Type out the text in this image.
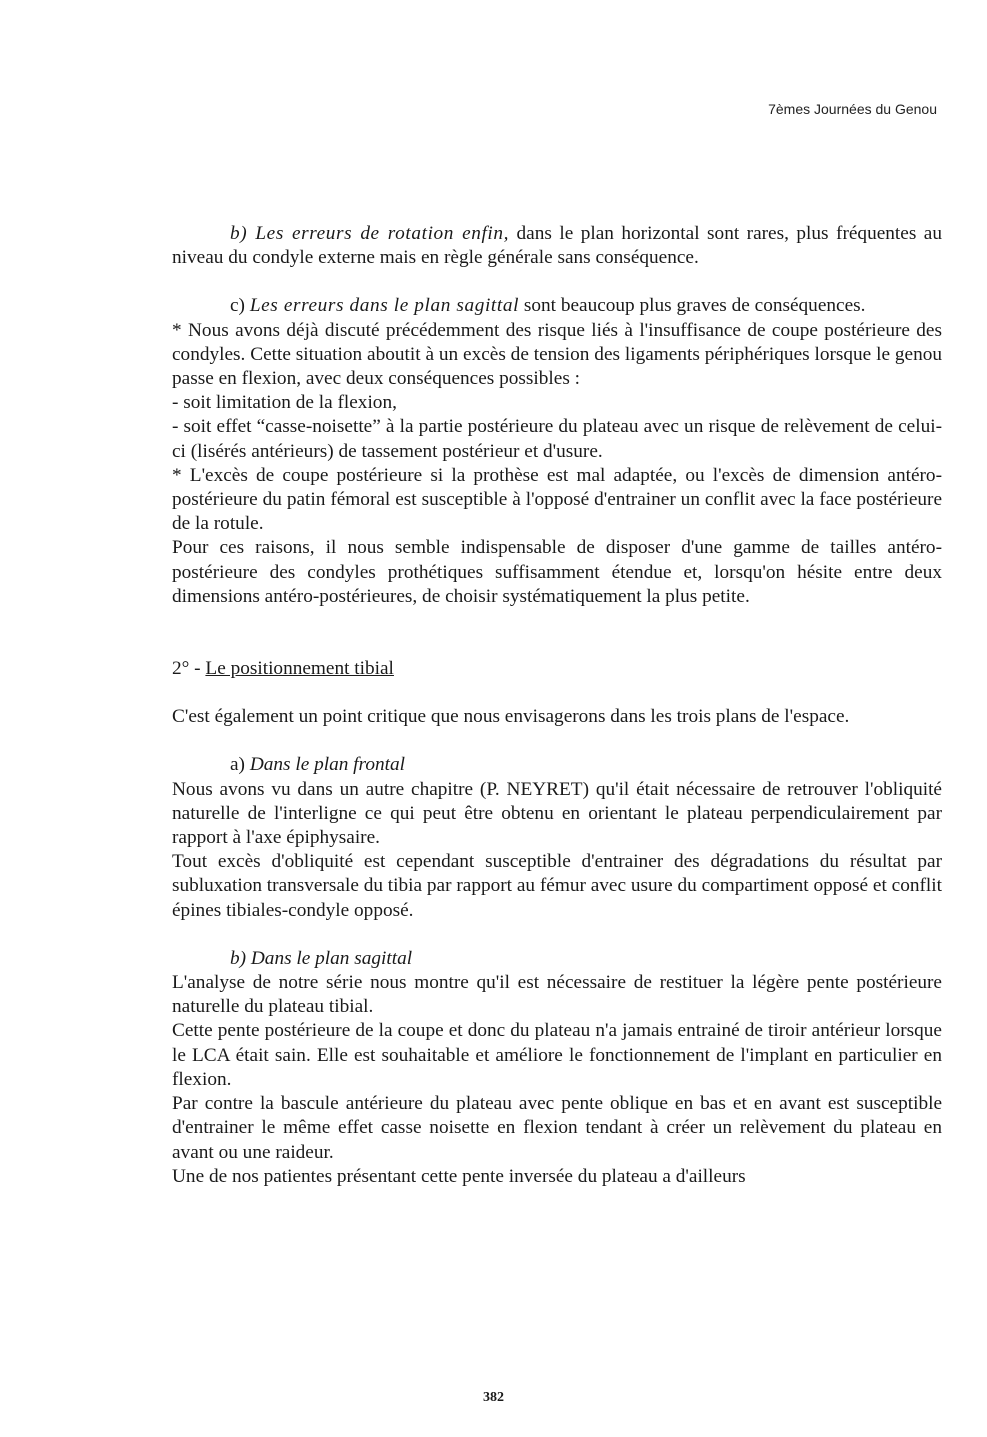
7èmes Journées du Genou

b) Les erreurs de rotation enfin, dans le plan horizontal sont rares, plus fréquentes au niveau du condyle externe mais en règle générale sans conséquence.

c) Les erreurs dans le plan sagittal sont beaucoup plus graves de conséquences.

* Nous avons déjà discuté précédemment des risque liés à l'insuffisance de coupe postérieure des condyles. Cette situation aboutit à un excès de tension des ligaments périphériques lorsque le genou passe en flexion, avec deux conséquences possibles :

- soit limitation de la flexion,

- soit effet “casse-noisette” à la partie postérieure du plateau avec un risque de relèvement de celui-ci (lisérés antérieurs) de tassement postérieur et d'usure.

* L'excès de coupe postérieure si la prothèse est mal adaptée, ou l'excès de dimension antéro-postérieure du patin fémoral est susceptible à l'opposé d'entrainer un conflit avec la face postérieure de la rotule.

Pour ces raisons, il nous semble indispensable de disposer d'une gamme de tailles antéro-postérieure des condyles prothétiques suffisamment étendue et, lorsqu'on hésite entre deux dimensions antéro-postérieures, de choisir systématiquement la plus petite.

2° - Le positionnement tibial

C'est également un point critique que nous envisagerons dans les trois plans de l'espace.

a) Dans le plan frontal

Nous avons vu dans un autre chapitre (P. NEYRET) qu'il était nécessaire de retrouver l'obliquité naturelle de l'interligne ce qui peut être obtenu en orientant le plateau perpendiculairement par rapport à l'axe épiphysaire.

Tout excès d'obliquité est cependant susceptible d'entrainer des dégradations du résultat par subluxation transversale du tibia par rapport au fémur avec usure du compartiment opposé et conflit épines tibiales-condyle opposé.

b) Dans le plan sagittal

L'analyse de notre série nous montre qu'il est nécessaire de restituer la légère pente postérieure naturelle du plateau tibial.

Cette pente postérieure de la coupe et donc du plateau n'a jamais entrainé de tiroir antérieur lorsque le LCA était sain. Elle est souhaitable et améliore le fonctionnement de l'implant en particulier en flexion.

Par contre la bascule antérieure du plateau avec pente oblique en bas et en avant est susceptible d'entrainer le même effet casse noisette en flexion tendant à créer un relèvement du plateau en avant ou une raideur.

Une de nos patientes présentant cette pente inversée du plateau a d'ailleurs

382
